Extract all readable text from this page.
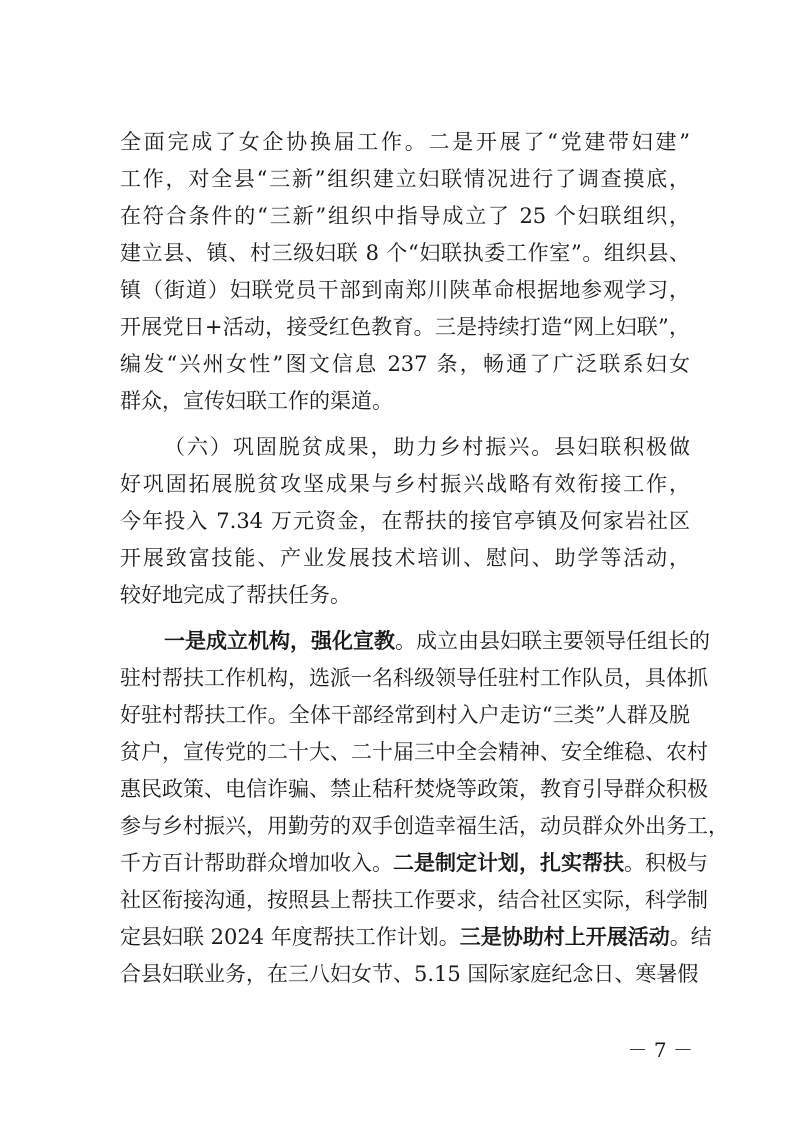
全面完成了女企协换届工作。二是开展了“党建带妇建”
工作，对全县“三新”组织建立妇联情况进行了调查摸底，
在符合条件的“三新”组织中指导成立了 25 个妇联组织，
建立县、镇、村三级妇联 8 个“妇联执委工作室”。组织县、
镇（街道）妇联党员干部到南郑川陕革命根据地参观学习，
开展党日+活动，接受红色教育。三是持续打造“网上妇联”，
编发“兴州女性”图文信息 237 条，畅通了广泛联系妇女
群众，宣传妇联工作的渠道。
（六）巩固脱贫成果，助力乡村振兴。县妇联积极做
好巩固拓展脱贫攻坚成果与乡村振兴战略有效衔接工作，
今年投入 7.34 万元资金，在帮扶的接官亭镇及何家岩社区
开展致富技能、产业发展技术培训、慰问、助学等活动，
较好地完成了帮扶任务。
一是成立机构，强化宣教。成立由县妇联主要领导任组长的
驻村帮扶工作机构，选派一名科级领导任驻村工作队员，具体抓
好驻村帮扶工作。全体干部经常到村入户走访“三类”人群及脱
贫户，宣传党的二十大、二十届三中全会精神、安全维稳、农村
惠民政策、电信诈骗、禁止秸秆焚烧等政策，教育引导群众积极
参与乡村振兴，用勤劳的双手创造幸福生活，动员群众外出务工，
千方百计帮助群众增加收入。二是制定计划，扎实帮扶。积极与
社区衔接沟通，按照县上帮扶工作要求，结合社区实际，科学制
定县妇联 2024 年度帮扶工作计划。三是协助村上开展活动。结
合县妇联业务，在三八妇女节、5.15 国际家庭纪念日、寒暑假
－ 7 －
